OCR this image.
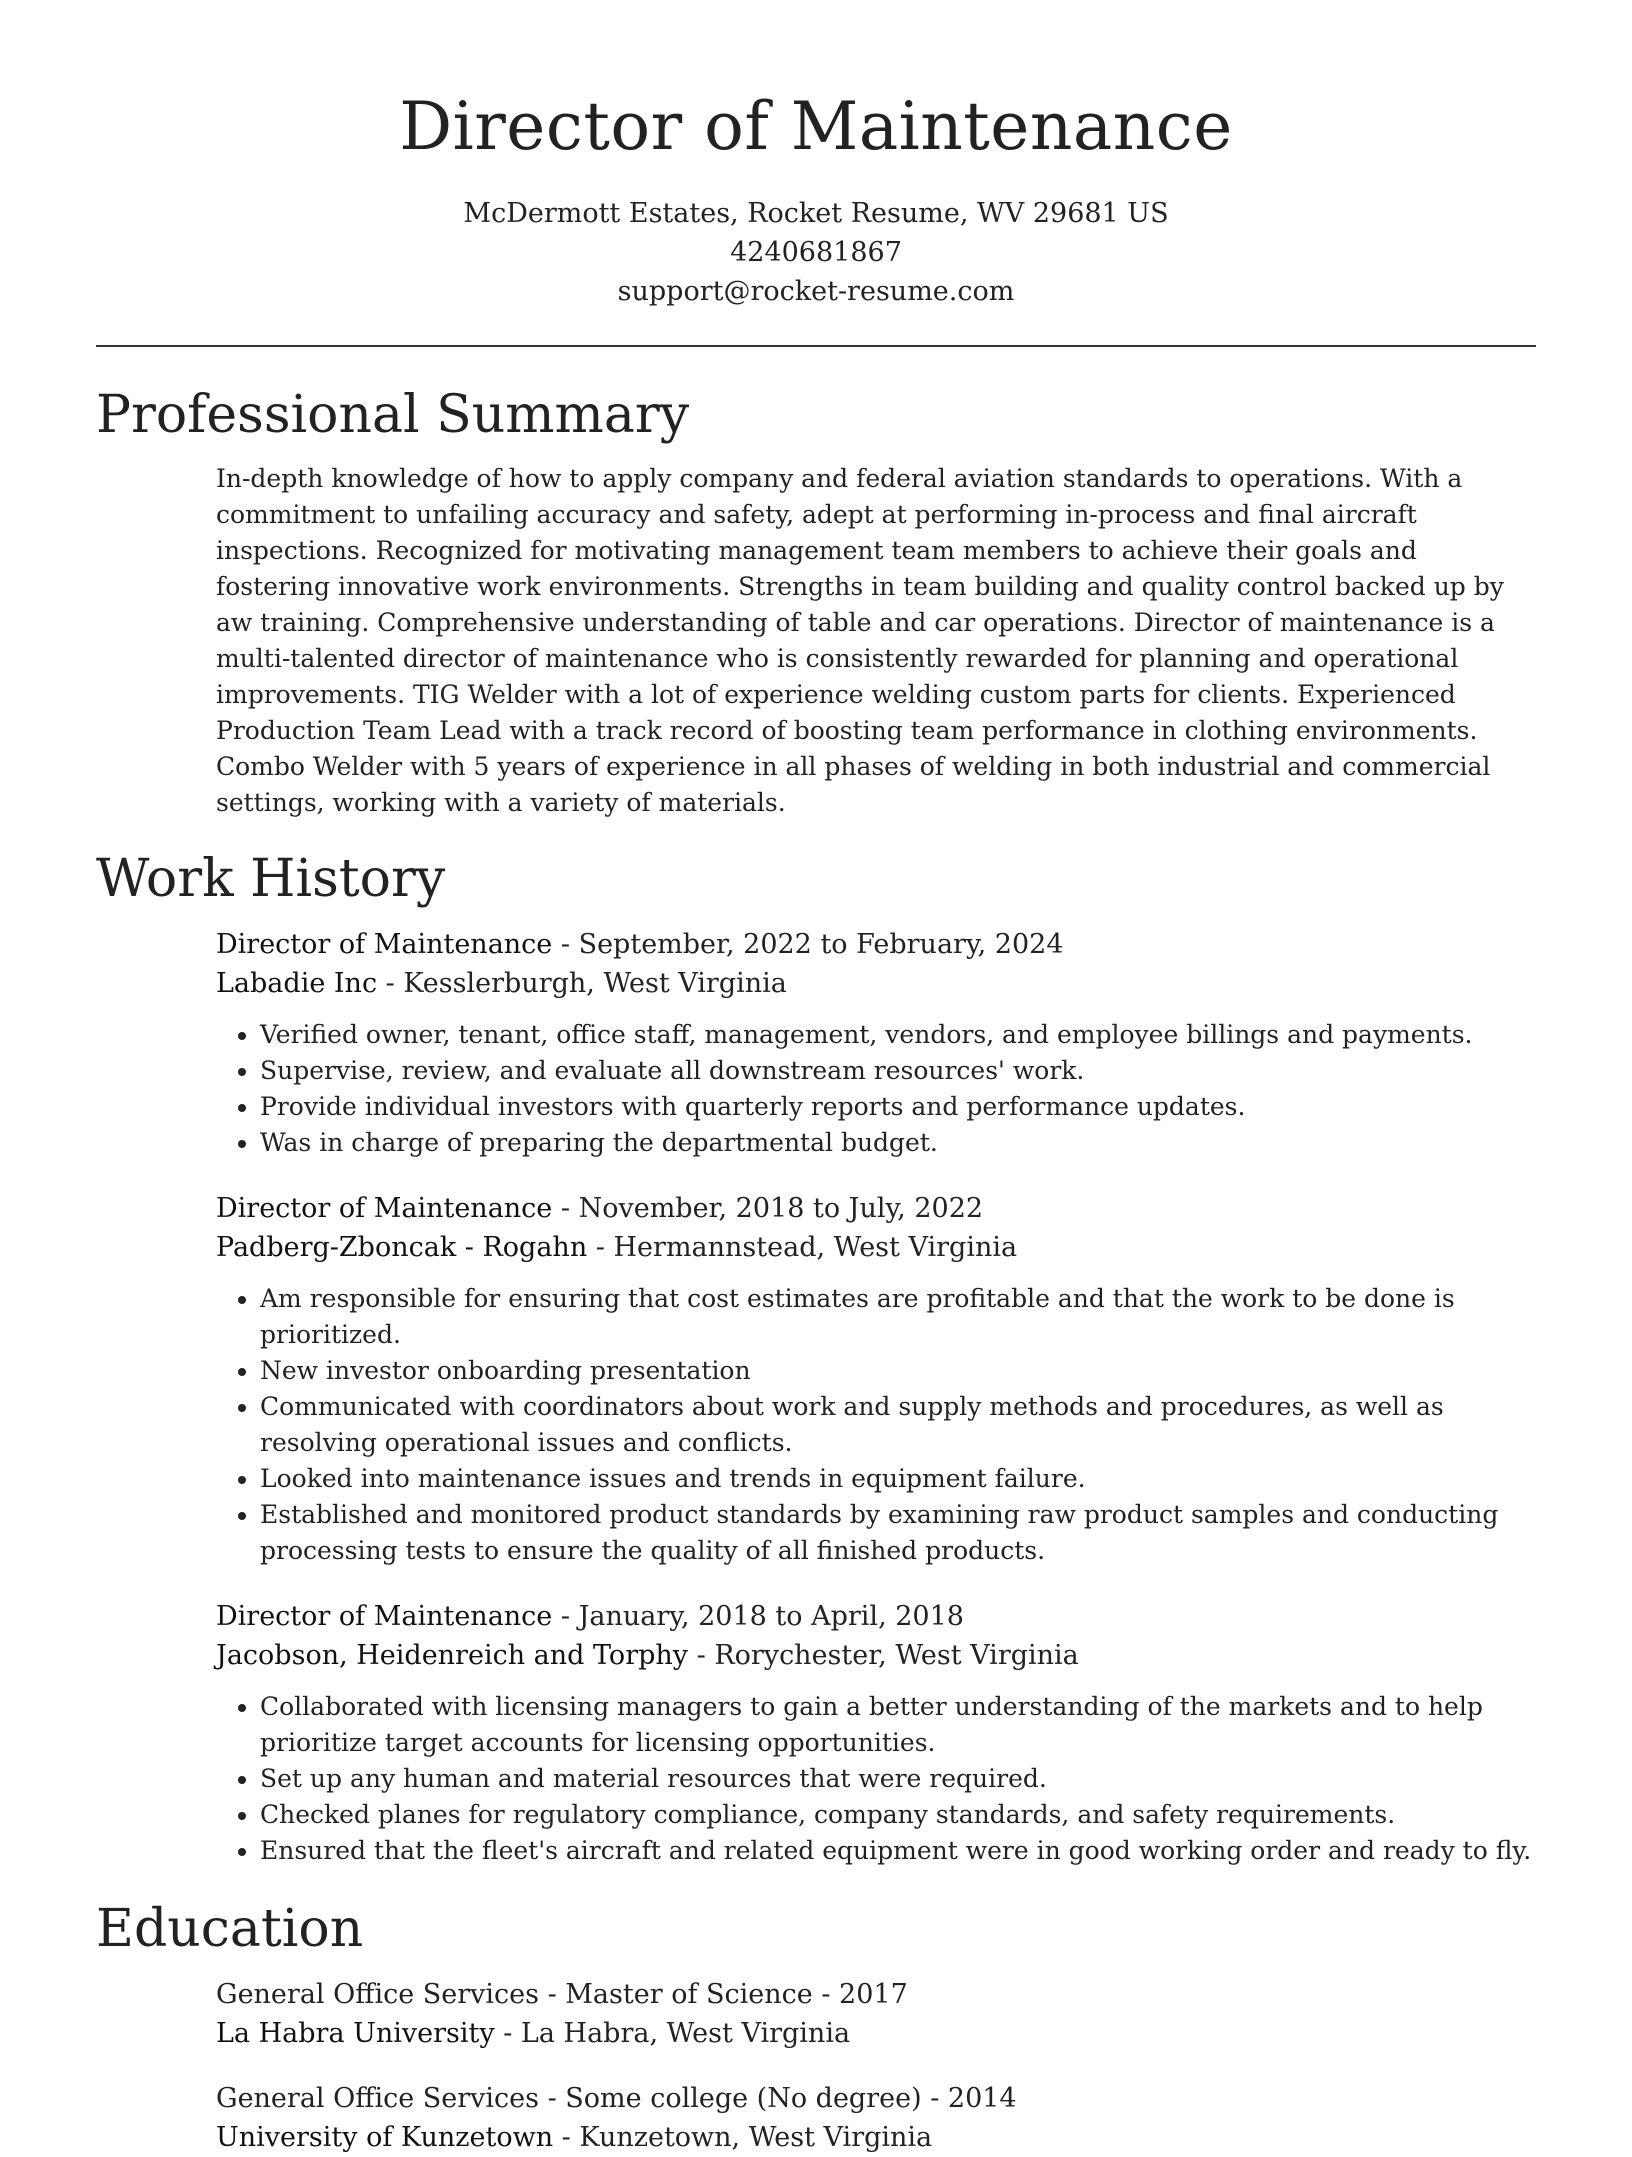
Director of Maintenance
McDermott Estates, Rocket Resume, WV 29681 US
4240681867
support@rocket-resume.com
Professional Summary

In-depth knowledge of how to apply company and federal aviation standards to operations. With a commitment to unfailing accuracy and safety, adept at performing in-process and final aircraft inspections. Recognized for motivating management team members to achieve their goals and fostering innovative work environments. Strengths in team building and quality control backed up by aw training. Comprehensive understanding of table and car operations. Director of maintenance is a multi-talented director of maintenance who is consistently rewarded for planning and operational improvements. TIG Welder with a lot of experience welding custom parts for clients. Experienced Production Team Lead with a track record of boosting team performance in clothing environments. Combo Welder with 5 years of experience in all phases of welding in both industrial and commercial settings, working with a variety of materials.

Work History
Director of Maintenance - September, 2022 to February, 2024
Labadie Inc - Kesslerburgh, West Virginia
• Verified owner, tenant, office staff, management, vendors, and employee billings and payments.
• Supervise, review, and evaluate all downstream resources' work.
• Provide individual investors with quarterly reports and performance updates.
• Was in charge of preparing the departmental budget.
Director of Maintenance - November, 2018 to July, 2022
Padberg-Zboncak - Rogahn - Hermannstead, West Virginia
• Am responsible for ensuring that cost estimates are profitable and that the work to be done is prioritized.
• New investor onboarding presentation
• Communicated with coordinators about work and supply methods and procedures, as well as resolving operational issues and conflicts.
• Looked into maintenance issues and trends in equipment failure.
• Established and monitored product standards by examining raw product samples and conducting processing tests to ensure the quality of all finished products.
Director of Maintenance - January, 2018 to April, 2018
Jacobson, Heidenreich and Torphy - Rorychester, West Virginia
• Collaborated with licensing managers to gain a better understanding of the markets and to help prioritize target accounts for licensing opportunities.
• Set up any human and material resources that were required.
• Checked planes for regulatory compliance, company standards, and safety requirements.
• Ensured that the fleet's aircraft and related equipment were in good working order and ready to fly.
Education
General Office Services - Master of Science - 2017
La Habra University - La Habra, West Virginia
General Office Services - Some college (No degree) - 2014
University of Kunzetown - Kunzetown, West Virginia
